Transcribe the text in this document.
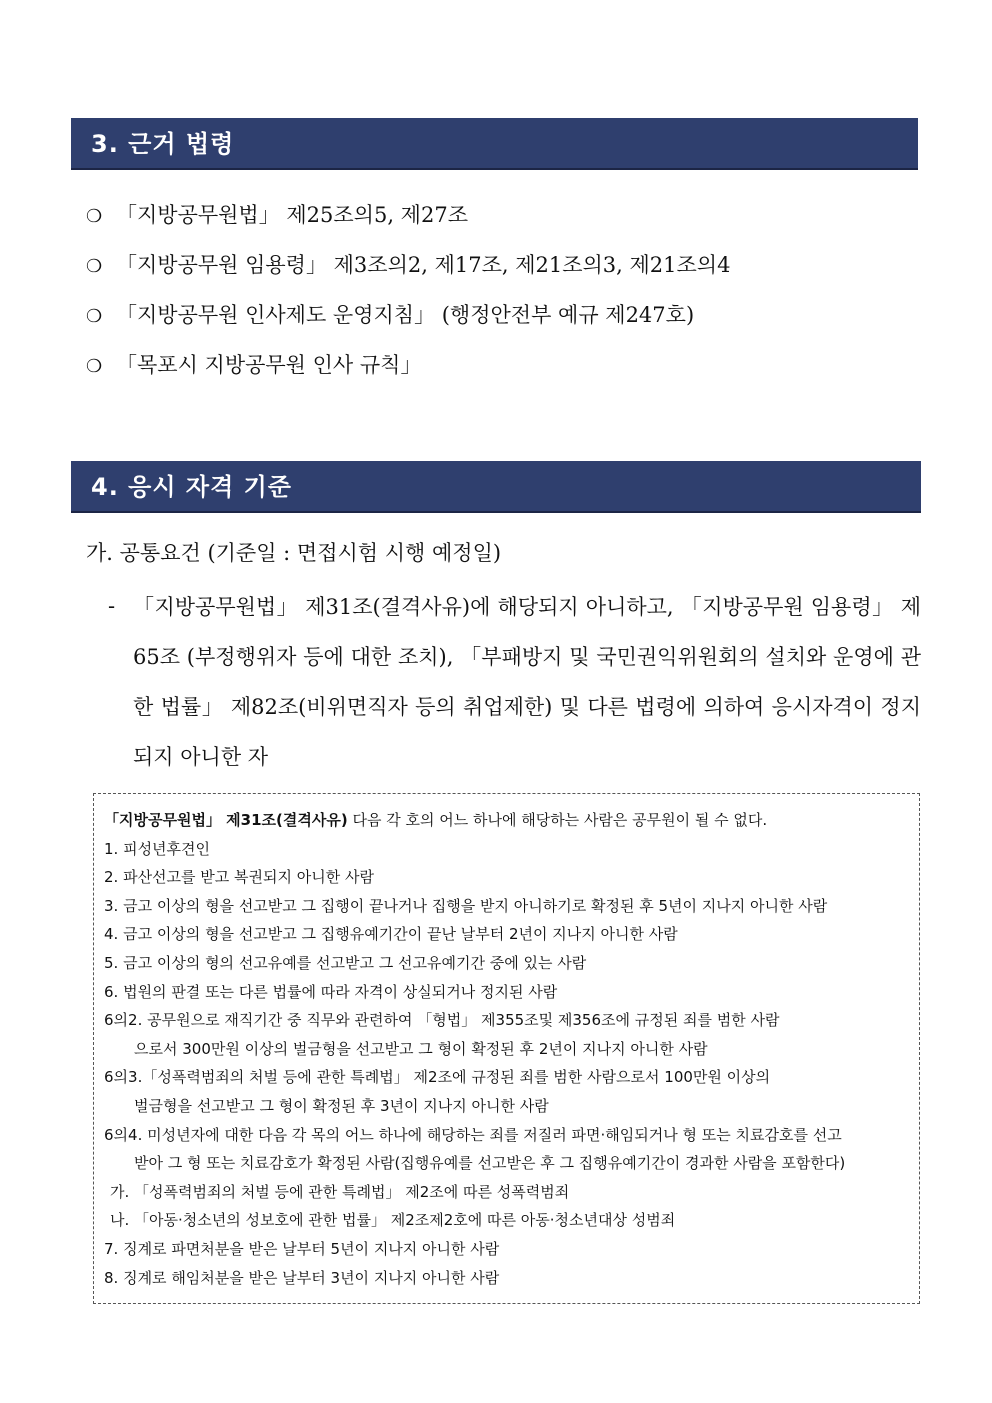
3. 근거 법령
❍ 「지방공무원법」 제25조의5, 제27조
❍ 「지방공무원 임용령」 제3조의2, 제17조, 제21조의3, 제21조의4
❍ 「지방공무원 인사제도 운영지침」 (행정안전부 예규 제247호)
❍ 「목포시 지방공무원 인사 규칙」
4. 응시 자격 기준
가. 공통요건 (기준일 : 면접시험 시행 예정일)
- 「지방공무원법」 제31조(결격사유)에 해당되지 아니하고, 「지방공무원 임용령」 제65조 (부정행위자 등에 대한 조치), 「부패방지 및 국민권익위원회의 설치와 운영에 관한 법률」 제82조(비위면직자 등의 취업제한) 및 다른 법령에 의하여 응시자격이 정지되지 아니한 자

「지방공무원법」 제31조(결격사유) 다음 각 호의 어느 하나에 해당하는 사람은 공무원이 될 수 없다.
1. 피성년후견인
2. 파산선고를 받고 복권되지 아니한 사람
3. 금고 이상의 형을 선고받고 그 집행이 끝나거나 집행을 받지 아니하기로 확정된 후 5년이 지나지 아니한 사람
4. 금고 이상의 형을 선고받고 그 집행유예기간이 끝난 날부터 2년이 지나지 아니한 사람
5. 금고 이상의 형의 선고유예를 선고받고 그 선고유예기간 중에 있는 사람
6. 법원의 판결 또는 다른 법률에 따라 자격이 상실되거나 정지된 사람
6의2. 공무원으로 재직기간 중 직무와 관련하여 「형법」 제355조및 제356조에 규정된 죄를 범한 사람
으로서 300만원 이상의 벌금형을 선고받고 그 형이 확정된 후 2년이 지나지 아니한 사람
6의3.「성폭력범죄의 처벌 등에 관한 특례법」 제2조에 규정된 죄를 범한 사람으로서 100만원 이상의
벌금형을 선고받고 그 형이 확정된 후 3년이 지나지 아니한 사람
6의4. 미성년자에 대한 다음 각 목의 어느 하나에 해당하는 죄를 저질러 파면·해임되거나 형 또는 치료감호를 선고
받아 그 형 또는 치료감호가 확정된 사람(집행유예를 선고받은 후 그 집행유예기간이 경과한 사람을 포함한다)
가. 「성폭력범죄의 처벌 등에 관한 특례법」 제2조에 따른 성폭력범죄
나. 「아동·청소년의 성보호에 관한 법률」 제2조제2호에 따른 아동·청소년대상 성범죄
7. 징계로 파면처분을 받은 날부터 5년이 지나지 아니한 사람
8. 징계로 해임처분을 받은 날부터 3년이 지나지 아니한 사람
